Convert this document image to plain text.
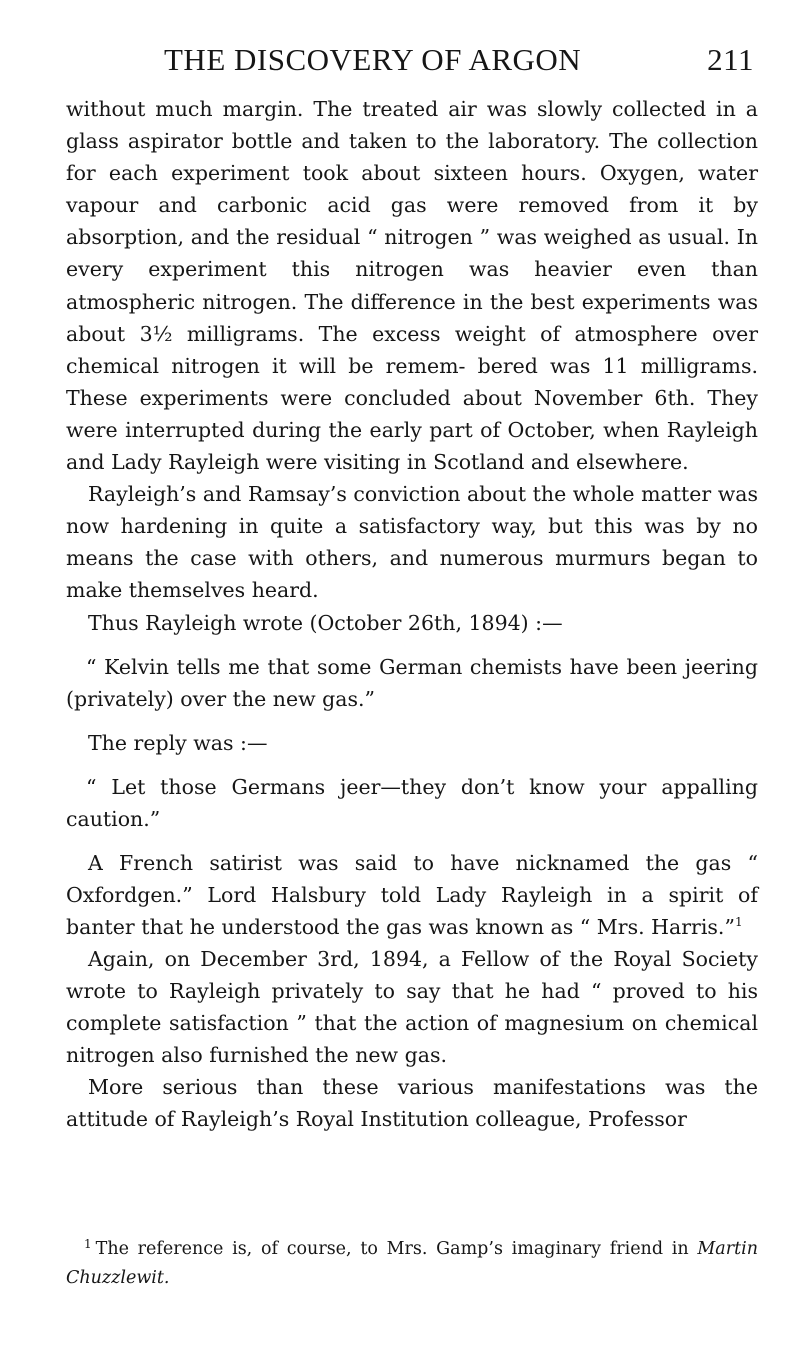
THE DISCOVERY OF ARGON	211

without much margin. The treated air was slowly collected in a glass aspirator bottle and taken to the laboratory. The collection for each experiment took about sixteen hours. Oxygen, water vapour and carbonic acid gas were removed from it by absorption, and the residual “ nitrogen ” was weighed as usual. In every experiment this nitrogen was heavier even than atmospheric nitrogen. The difference in the best experiments was about 3½ milligrams. The excess weight of atmosphere over chemical nitrogen it will be remem- bered was 11 milligrams. These experiments were concluded about November 6th. They were interrupted during the early part of October, when Rayleigh and Lady Rayleigh were visiting in Scotland and elsewhere.

Rayleigh’s and Ramsay’s conviction about the whole matter was now hardening in quite a satisfactory way, but this was by no means the case with others, and numerous murmurs began to make themselves heard.

Thus Rayleigh wrote (October 26th, 1894) :—

“ Kelvin tells me that some German chemists have been jeering (privately) over the new gas.”

The reply was :—

“ Let those Germans jeer—they don’t know your appalling caution.”

A French satirist was said to have nicknamed the gas “ Oxfordgen.” Lord Halsbury told Lady Rayleigh in a spirit of banter that he understood the gas was known as “ Mrs. Harris.”$^1$

Again, on December 3rd, 1894, a Fellow of the Royal Society wrote to Rayleigh privately to say that he had “ proved to his complete satisfaction ” that the action of magnesium on chemical nitrogen also furnished the new gas.

More serious than these various manifestations was the attitude of Rayleigh’s Royal Institution colleague, Professor

$^1$ The reference is, of course, to Mrs. Gamp’s imaginary friend in Martin Chuzzlewit.
